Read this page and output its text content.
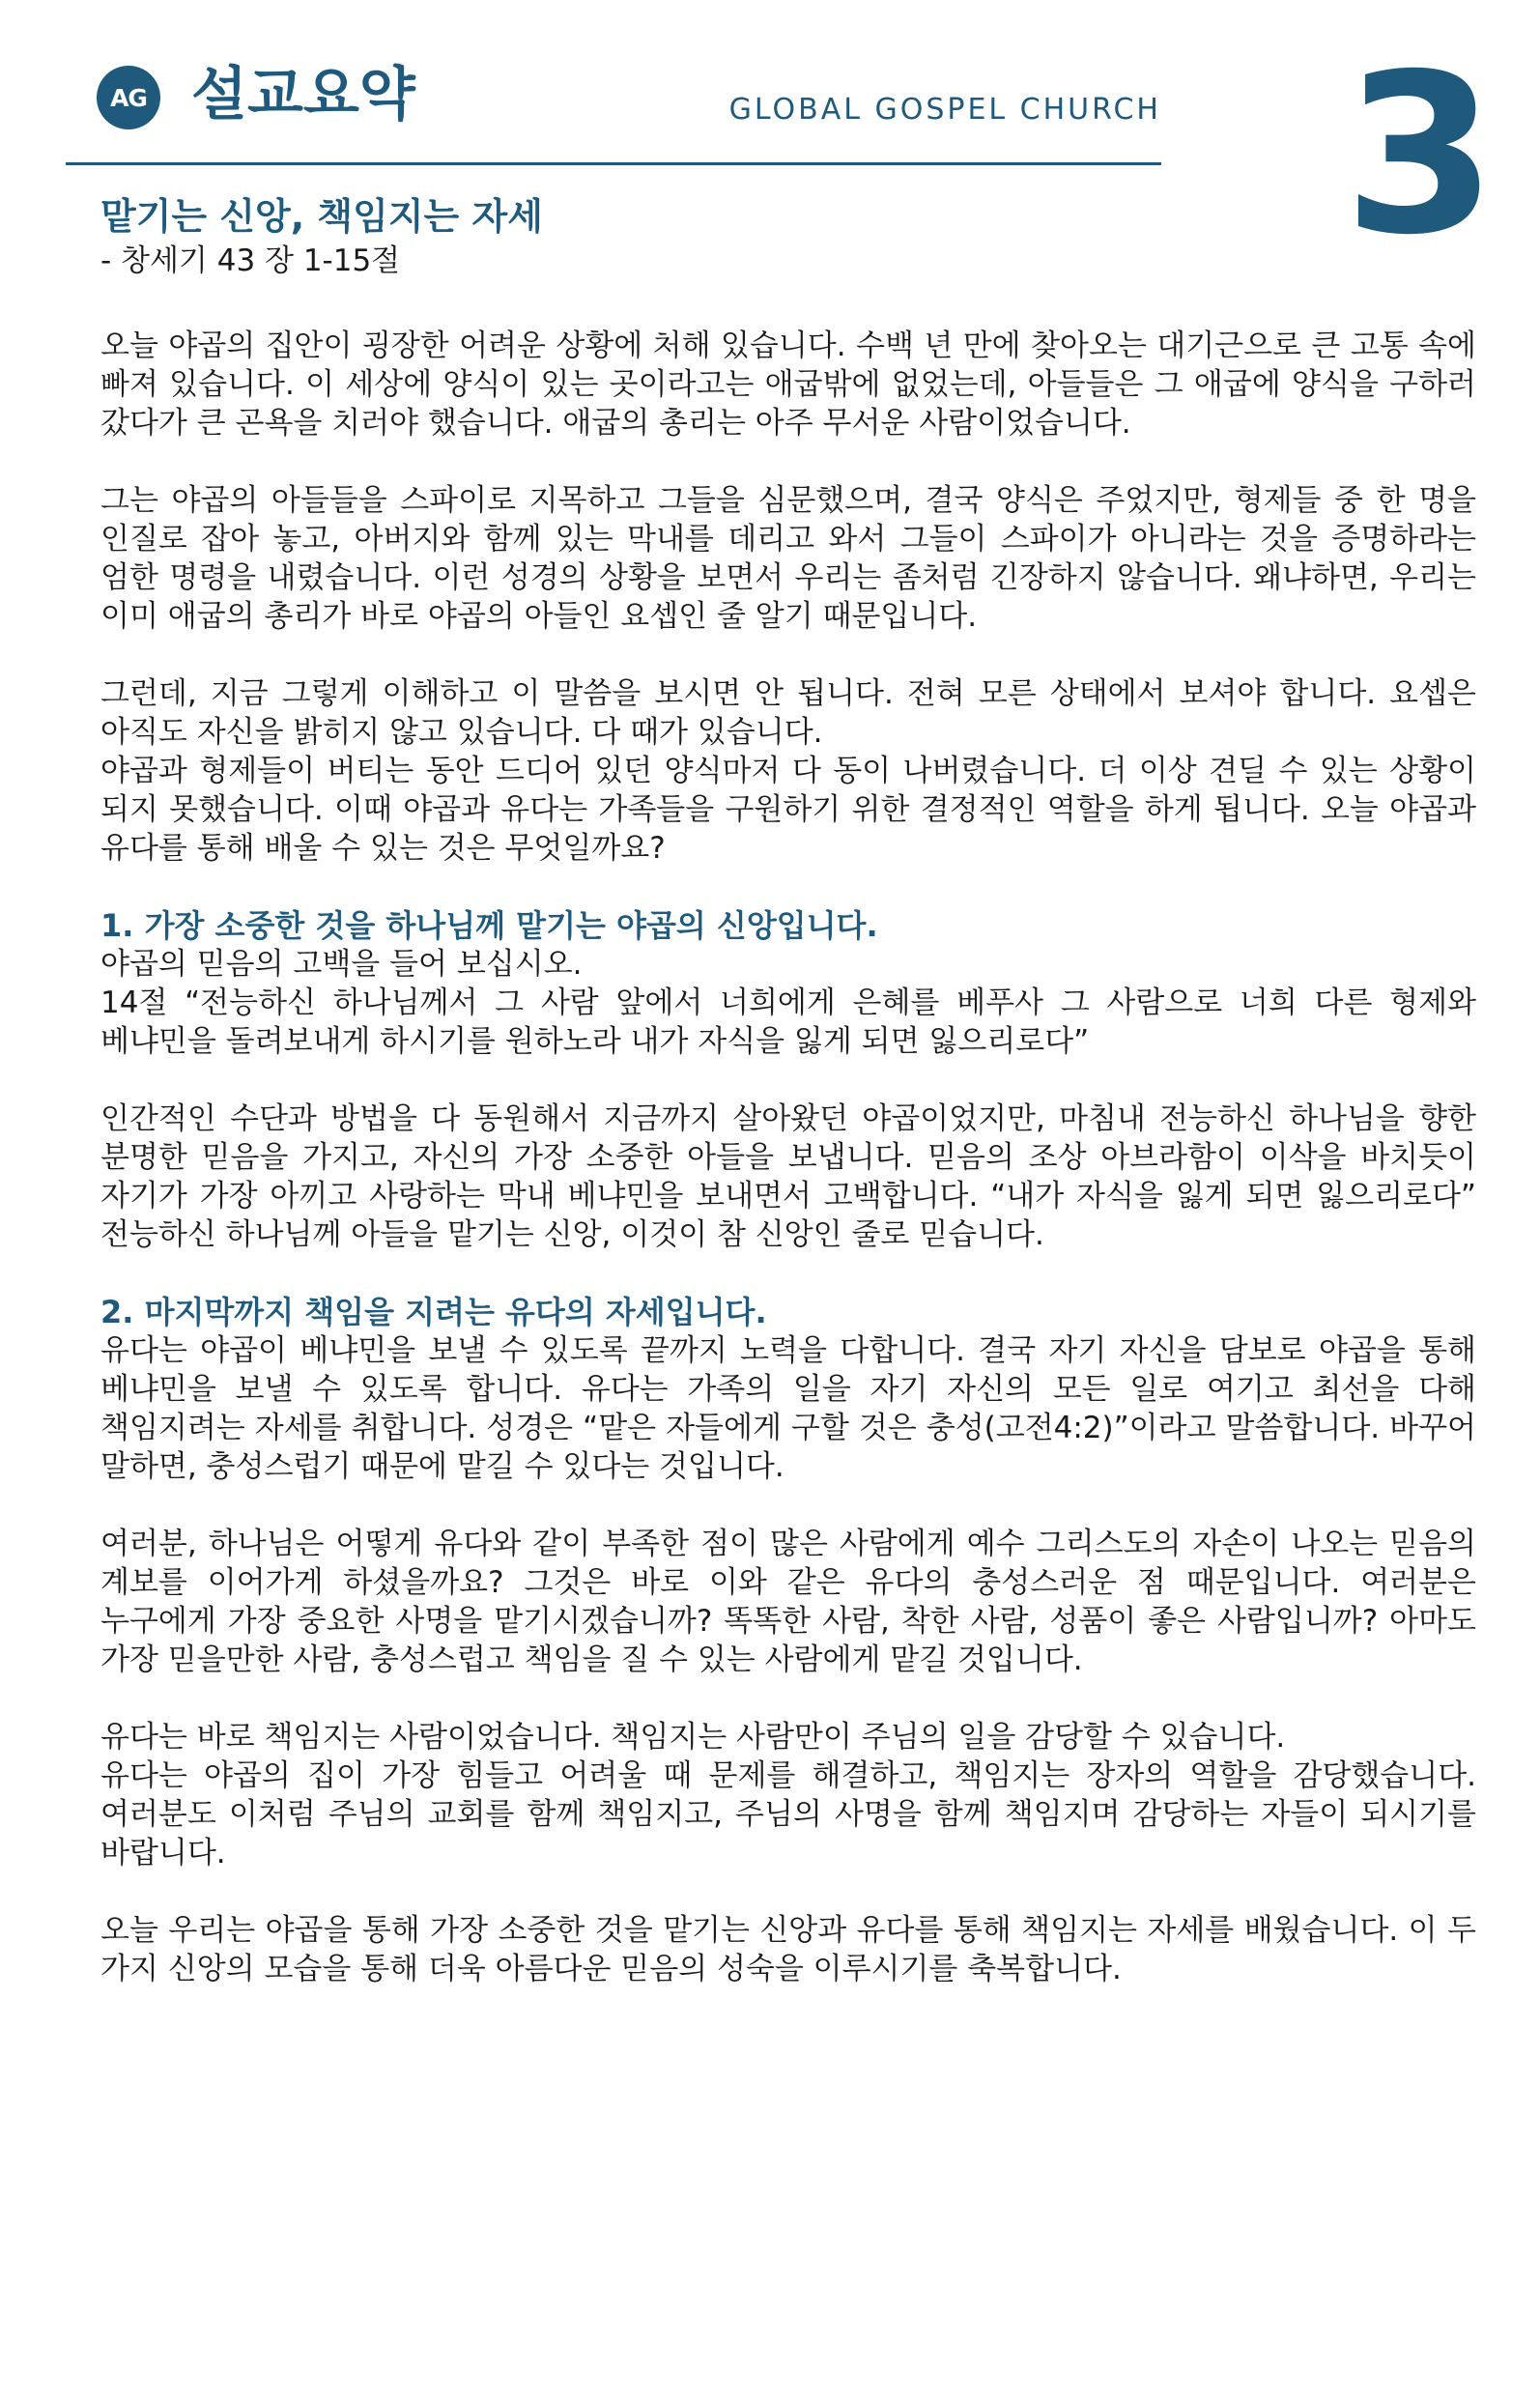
AG 설교요약	GLOBAL GOSPEL CHURCH 3
맡기는 신앙, 책임지는 자세
- 창세기 43 장 1-15절

오늘 야곱의 집안이 굉장한 어려운 상황에 처해 있습니다. 수백 년 만에 찾아오는 대기근으로 큰 고통 속에 빠져 있습니다. 이 세상에 양식이 있는 곳이라고는 애굽밖에 없었는데, 아들들은 그 애굽에 양식을 구하러 갔다가 큰 곤욕을 치러야 했습니다. 애굽의 총리는 아주 무서운 사람이었습니다.

그는 야곱의 아들들을 스파이로 지목하고 그들을 심문했으며, 결국 양식은 주었지만, 형제들 중 한 명을 인질로 잡아 놓고, 아버지와 함께 있는 막내를 데리고 와서 그들이 스파이가 아니라는 것을 증명하라는 엄한 명령을 내렸습니다. 이런 성경의 상황을 보면서 우리는 좀처럼 긴장하지 않습니다. 왜냐하면, 우리는 이미 애굽의 총리가 바로 야곱의 아들인 요셉인 줄 알기 때문입니다.

그런데, 지금 그렇게 이해하고 이 말씀을 보시면 안 됩니다. 전혀 모른 상태에서 보셔야 합니다. 요셉은 아직도 자신을 밝히지 않고 있습니다. 다 때가 있습니다.

야곱과 형제들이 버티는 동안 드디어 있던 양식마저 다 동이 나버렸습니다. 더 이상 견딜 수 있는 상황이 되지 못했습니다. 이때 야곱과 유다는 가족들을 구원하기 위한 결정적인 역할을 하게 됩니다. 오늘 야곱과 유다를 통해 배울 수 있는 것은 무엇일까요?

1. 가장 소중한 것을 하나님께 맡기는 야곱의 신앙입니다.

야곱의 믿음의 고백을 들어 보십시오.

14절 “전능하신 하나님께서 그 사람 앞에서 너희에게 은혜를 베푸사 그 사람으로 너희 다른 형제와 베냐민을 돌려보내게 하시기를 원하노라 내가 자식을 잃게 되면 잃으리로다”

인간적인 수단과 방법을 다 동원해서 지금까지 살아왔던 야곱이었지만, 마침내 전능하신 하나님을 향한 분명한 믿음을 가지고, 자신의 가장 소중한 아들을 보냅니다. 믿음의 조상 아브라함이 이삭을 바치듯이 자기가 가장 아끼고 사랑하는 막내 베냐민을 보내면서 고백합니다. “내가 자식을 잃게 되면 잃으리로다” 전능하신 하나님께 아들을 맡기는 신앙, 이것이 참 신앙인 줄로 믿습니다.

2. 마지막까지 책임을 지려는 유다의 자세입니다.

유다는 야곱이 베냐민을 보낼 수 있도록 끝까지 노력을 다합니다. 결국 자기 자신을 담보로 야곱을 통해 베냐민을 보낼 수 있도록 합니다. 유다는 가족의 일을 자기 자신의 모든 일로 여기고 최선을 다해 책임지려는 자세를 취합니다. 성경은 “맡은 자들에게 구할 것은 충성(고전4:2)”이라고 말씀합니다. 바꾸어 말하면, 충성스럽기 때문에 맡길 수 있다는 것입니다.

여러분, 하나님은 어떻게 유다와 같이 부족한 점이 많은 사람에게 예수 그리스도의 자손이 나오는 믿음의 계보를 이어가게 하셨을까요? 그것은 바로 이와 같은 유다의 충성스러운 점 때문입니다. 여러분은 누구에게 가장 중요한 사명을 맡기시겠습니까? 똑똑한 사람, 착한 사람, 성품이 좋은 사람입니까? 아마도 가장 믿을만한 사람, 충성스럽고 책임을 질 수 있는 사람에게 맡길 것입니다.

유다는 바로 책임지는 사람이었습니다. 책임지는 사람만이 주님의 일을 감당할 수 있습니다.

유다는 야곱의 집이 가장 힘들고 어려울 때 문제를 해결하고, 책임지는 장자의 역할을 감당했습니다. 여러분도 이처럼 주님의 교회를 함께 책임지고, 주님의 사명을 함께 책임지며 감당하는 자들이 되시기를 바랍니다.

오늘 우리는 야곱을 통해 가장 소중한 것을 맡기는 신앙과 유다를 통해 책임지는 자세를 배웠습니다. 이 두 가지 신앙의 모습을 통해 더욱 아름다운 믿음의 성숙을 이루시기를 축복합니다.
